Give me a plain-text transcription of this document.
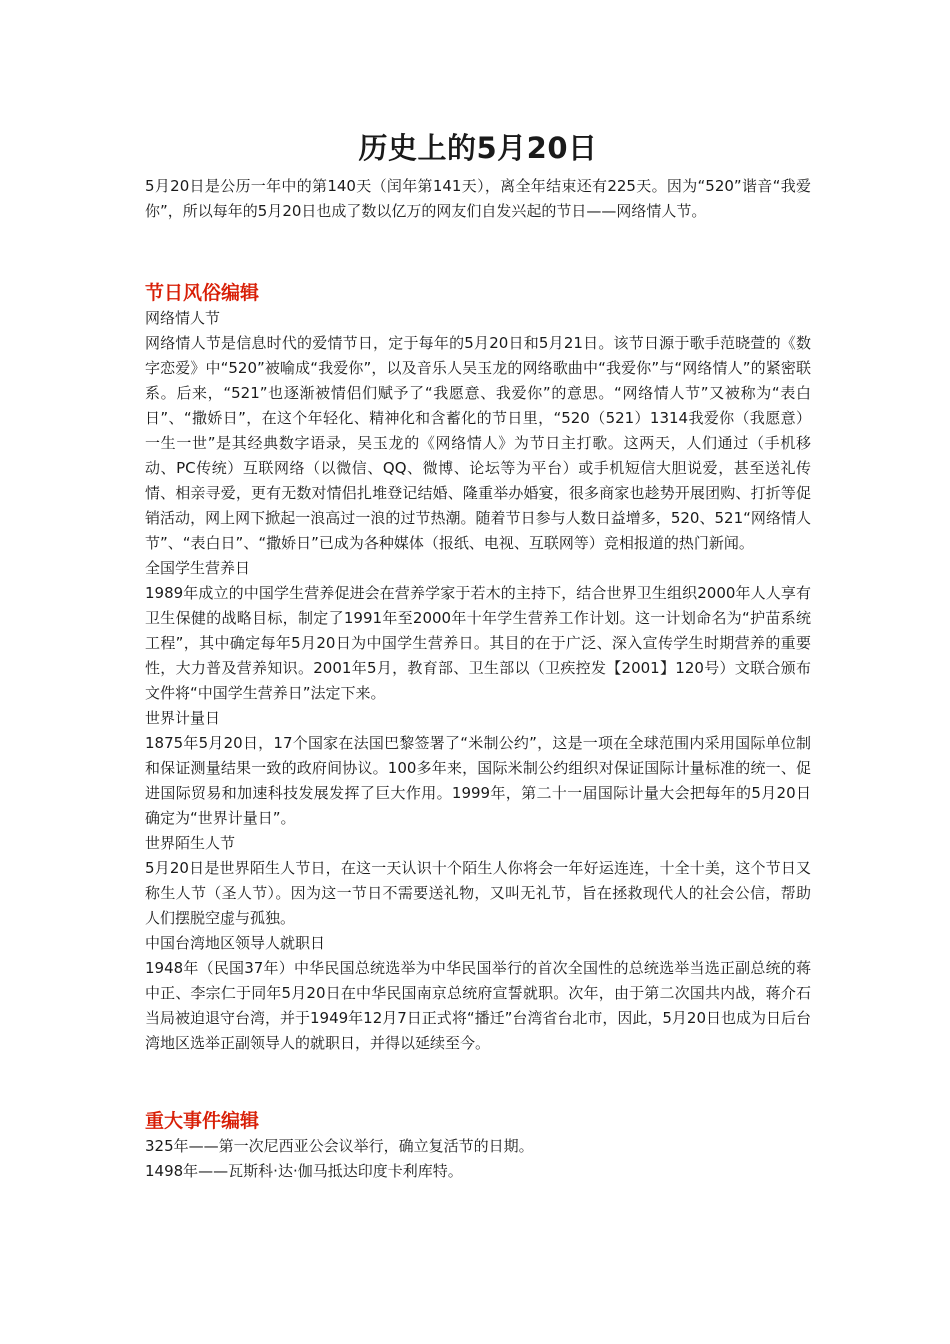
历史上的5月20日

5月20日是公历一年中的第140天（闰年第141天），离全年结束还有225天。因为“520”谐音“我爱你”，所以每年的5月20日也成了数以亿万的网友们自发兴起的节日——网络情人节。

节日风俗编辑

网络情人节

网络情人节是信息时代的爱情节日，定于每年的5月20日和5月21日。该节日源于歌手范晓萱的《数字恋爱》中“520”被喻成“我爱你”，以及音乐人吴玉龙的网络歌曲中“我爱你”与“网络情人”的紧密联系。后来，“521”也逐渐被情侣们赋予了“我愿意、我爱你”的意思。“网络情人节”又被称为“表白日”、“撒娇日”，在这个年轻化、精神化和含蓄化的节日里，“520（521）1314我爱你（我愿意）一生一世”是其经典数字语录，吴玉龙的《网络情人》为节日主打歌。这两天，人们通过（手机移动、PC传统）互联网络（以微信、QQ、微博、论坛等为平台）或手机短信大胆说爱，甚至送礼传情、相亲寻爱，更有无数对情侣扎堆登记结婚、隆重举办婚宴，很多商家也趁势开展团购、打折等促销活动，网上网下掀起一浪高过一浪的过节热潮。随着节日参与人数日益增多，520、521“网络情人节”、“表白日”、“撒娇日”已成为各种媒体（报纸、电视、互联网等）竞相报道的热门新闻。

全国学生营养日

1989年成立的中国学生营养促进会在营养学家于若木的主持下，结合世界卫生组织2000年人人享有卫生保健的战略目标，制定了1991年至2000年十年学生营养工作计划。这一计划命名为“护苗系统工程”，其中确定每年5月20日为中国学生营养日。其目的在于广泛、深入宣传学生时期营养的重要性，大力普及营养知识。2001年5月，教育部、卫生部以（卫疾控发【2001】120号）文联合颁布文件将“中国学生营养日”法定下来。

世界计量日

1875年5月20日，17个国家在法国巴黎签署了“米制公约”，这是一项在全球范围内采用国际单位制和保证测量结果一致的政府间协议。100多年来，国际米制公约组织对保证国际计量标准的统一、促进国际贸易和加速科技发展发挥了巨大作用。1999年，第二十一届国际计量大会把每年的5月20日确定为“世界计量日”。

世界陌生人节

5月20日是世界陌生人节日，在这一天认识十个陌生人你将会一年好运连连，十全十美，这个节日又称生人节（圣人节）。因为这一节日不需要送礼物，又叫无礼节，旨在拯救现代人的社会公信，帮助人们摆脱空虚与孤独。

中国台湾地区领导人就职日

1948年（民国37年）中华民国总统选举为中华民国举行的首次全国性的总统选举当选正副总统的蒋中正、李宗仁于同年5月20日在中华民国南京总统府宣誓就职。次年，由于第二次国共内战，蒋介石当局被迫退守台湾，并于1949年12月7日正式将“播迁”台湾省台北市，因此，5月20日也成为日后台湾地区选举正副领导人的就职日，并得以延续至今。

重大事件编辑

325年——第一次尼西亚公会议举行，确立复活节的日期。

1498年——瓦斯科·达·伽马抵达印度卡利库特。
